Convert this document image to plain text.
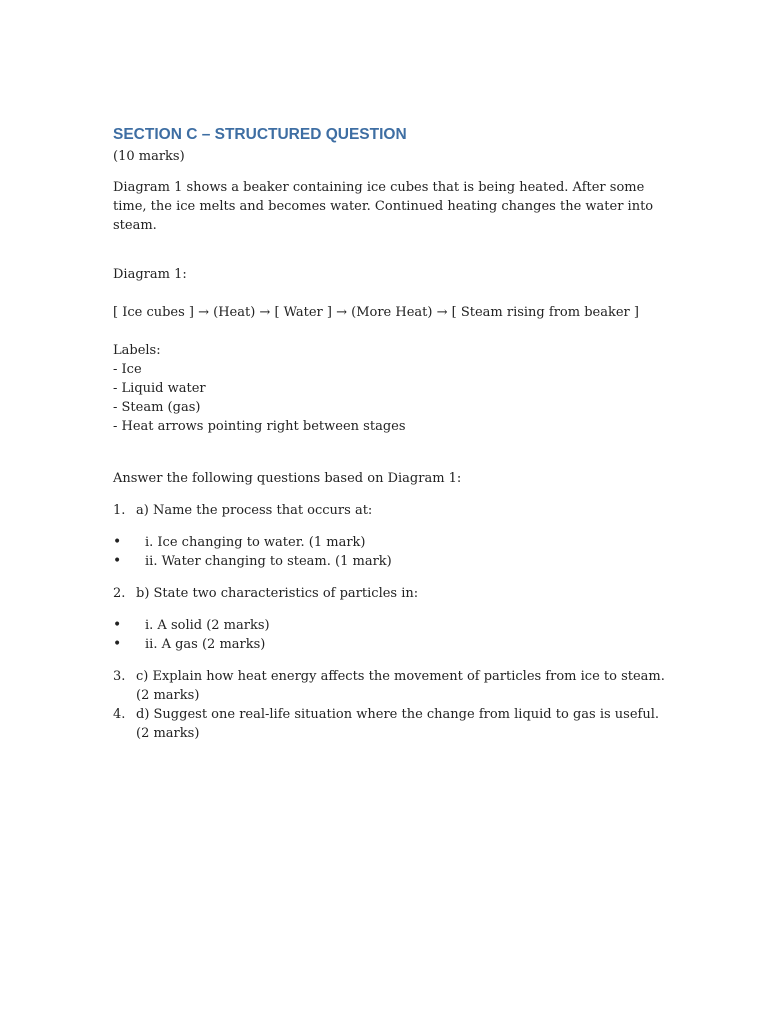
SECTION C – STRUCTURED QUESTION

(10 marks)

Diagram 1 shows a beaker containing ice cubes that is being heated. After some time, the ice melts and becomes water. Continued heating changes the water into steam.

Diagram 1:

[ Ice cubes ] → (Heat) → [ Water ] → (More Heat) → [ Steam rising from beaker ]

Labels:
- Ice
- Liquid water
- Steam (gas)
- Heat arrows pointing right between stages

Answer the following questions based on Diagram 1:

1. a) Name the process that occurs at:
• i. Ice changing to water. (1 mark)
• ii. Water changing to steam. (1 mark)
2. b) State two characteristics of particles in:
• i. A solid (2 marks)
• ii. A gas (2 marks)
3. c) Explain how heat energy affects the movement of particles from ice to steam. (2 marks)
4. d) Suggest one real-life situation where the change from liquid to gas is useful. (2 marks)
